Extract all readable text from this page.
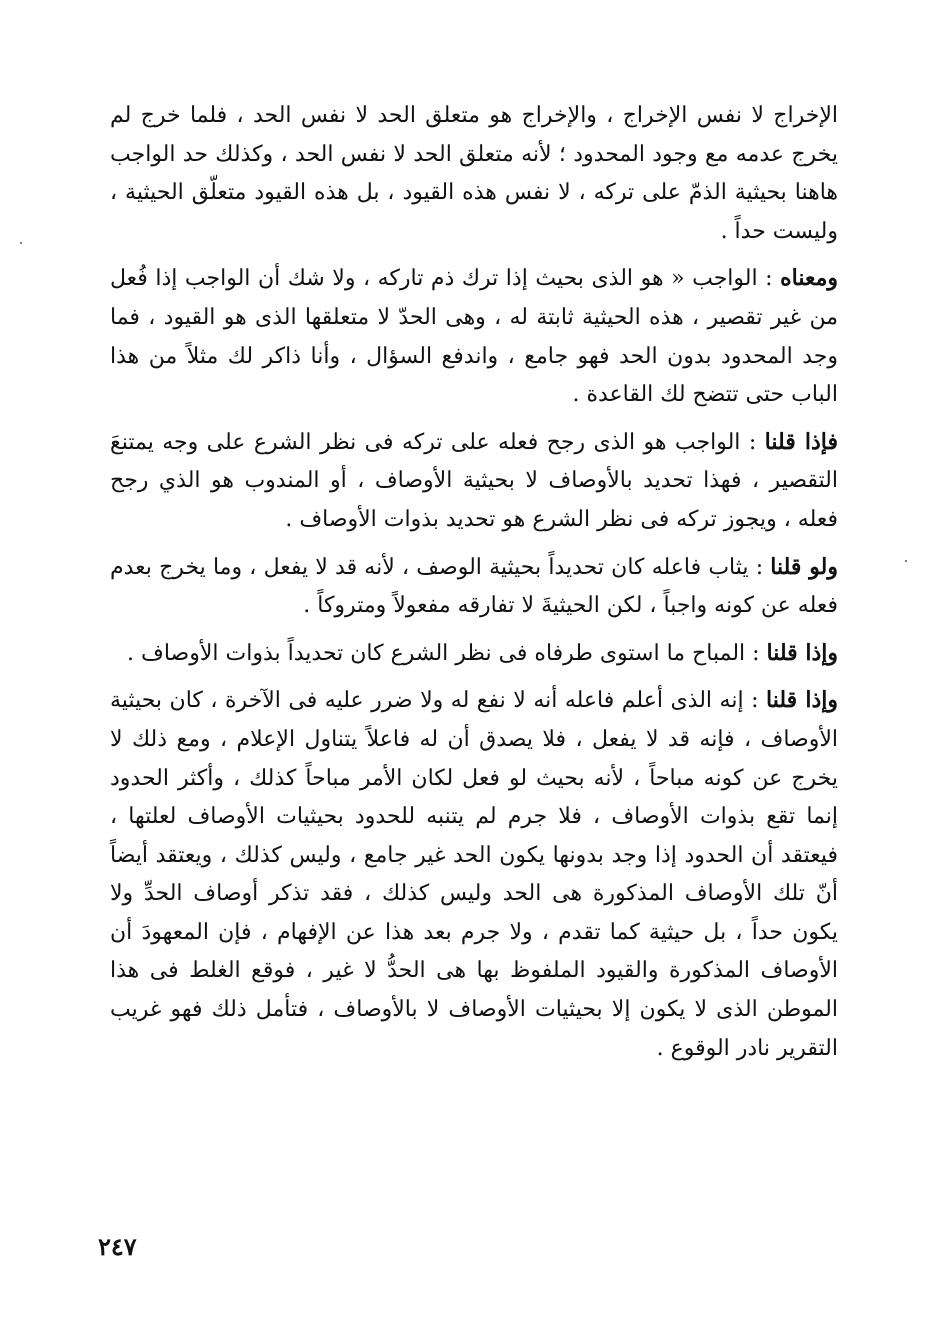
الإخراج لا نفس الإخراج ، والإخراج هو متعلق الحد لا نفس الحد ، فلما خرج لم يخرج عدمه مع وجود المحدود ؛ لأنه متعلق الحد لا نفس الحد ، وكذلك حد الواجب هاهنا بحيثية الذمّ على تركه ، لا نفس هذه القيود ، بل هذه القيود متعلّق الحيثية ، وليست حداً .

ومعناه : الواجب « هو الذى بحيث إذا ترك ذم تاركه ، ولا شك أن الواجب إذا فُعل من غير تقصير ، هذه الحيثية ثابتة له ، وهى الحدّ لا متعلقها الذى هو القيود ، فما وجد المحدود بدون الحد فهو جامع ، واندفع السؤال ، وأنا ذاكر لك مثلاً من هذا الباب حتى تتضح لك القاعدة .

فإذا قلنا : الواجب هو الذى رجح فعله على تركه فى نظر الشرع على وجه يمتنعَ التقصير ، فهذا تحديد بالأوصاف لا بحيثية الأوصاف ، أو المندوب هو الذي رجح فعله ، ويجوز تركه فى نظر الشرع هو تحديد بذوات الأوصاف .

ولو قلنا : يثاب فاعله كان تحديداً بحيثية الوصف ، لأنه قد لا يفعل ، وما يخرج بعدم فعله عن كونه واجباً ، لكن الحيثيةَ لا تفارقه مفعولاً ومتروكاً .

وإذا قلنا : المباح ما استوى طرفاه فى نظر الشرع كان تحديداً بذوات الأوصاف .

وإذا قلنا : إنه الذى أعلم فاعله أنه لا نفع له ولا ضرر عليه فى الآخرة ، كان بحيثية الأوصاف ، فإنه قد لا يفعل ، فلا يصدق أن له فاعلاً يتناول الإعلام ، ومع ذلك لا يخرج عن كونه مباحاً ، لأنه بحيث لو فعل لكان الأمر مباحاً كذلك ، وأكثر الحدود إنما تقع بذوات الأوصاف ، فلا جرم لم يتنبه للحدود بحيثيات الأوصاف لعلتها ، فيعتقد أن الحدود إذا وجد بدونها يكون الحد غير جامع ، وليس كذلك ، ويعتقد أيضاً أنّ تلك الأوصاف المذكورة هى الحد وليس كذلك ، فقد تذكر أوصاف الحدِّ ولا يكون حداً ، بل حيثية كما تقدم ، ولا جرم بعد هذا عن الإفهام ، فإن المعهودَ أن الأوصاف المذكورة والقيود الملفوظ بها هى الحدُّ لا غير ، فوقع الغلط فى هذا الموطن الذى لا يكون إلا بحيثيات الأوصاف لا بالأوصاف ، فتأمل ذلك فهو غريب التقرير نادر الوقوع .

٢٤٧
